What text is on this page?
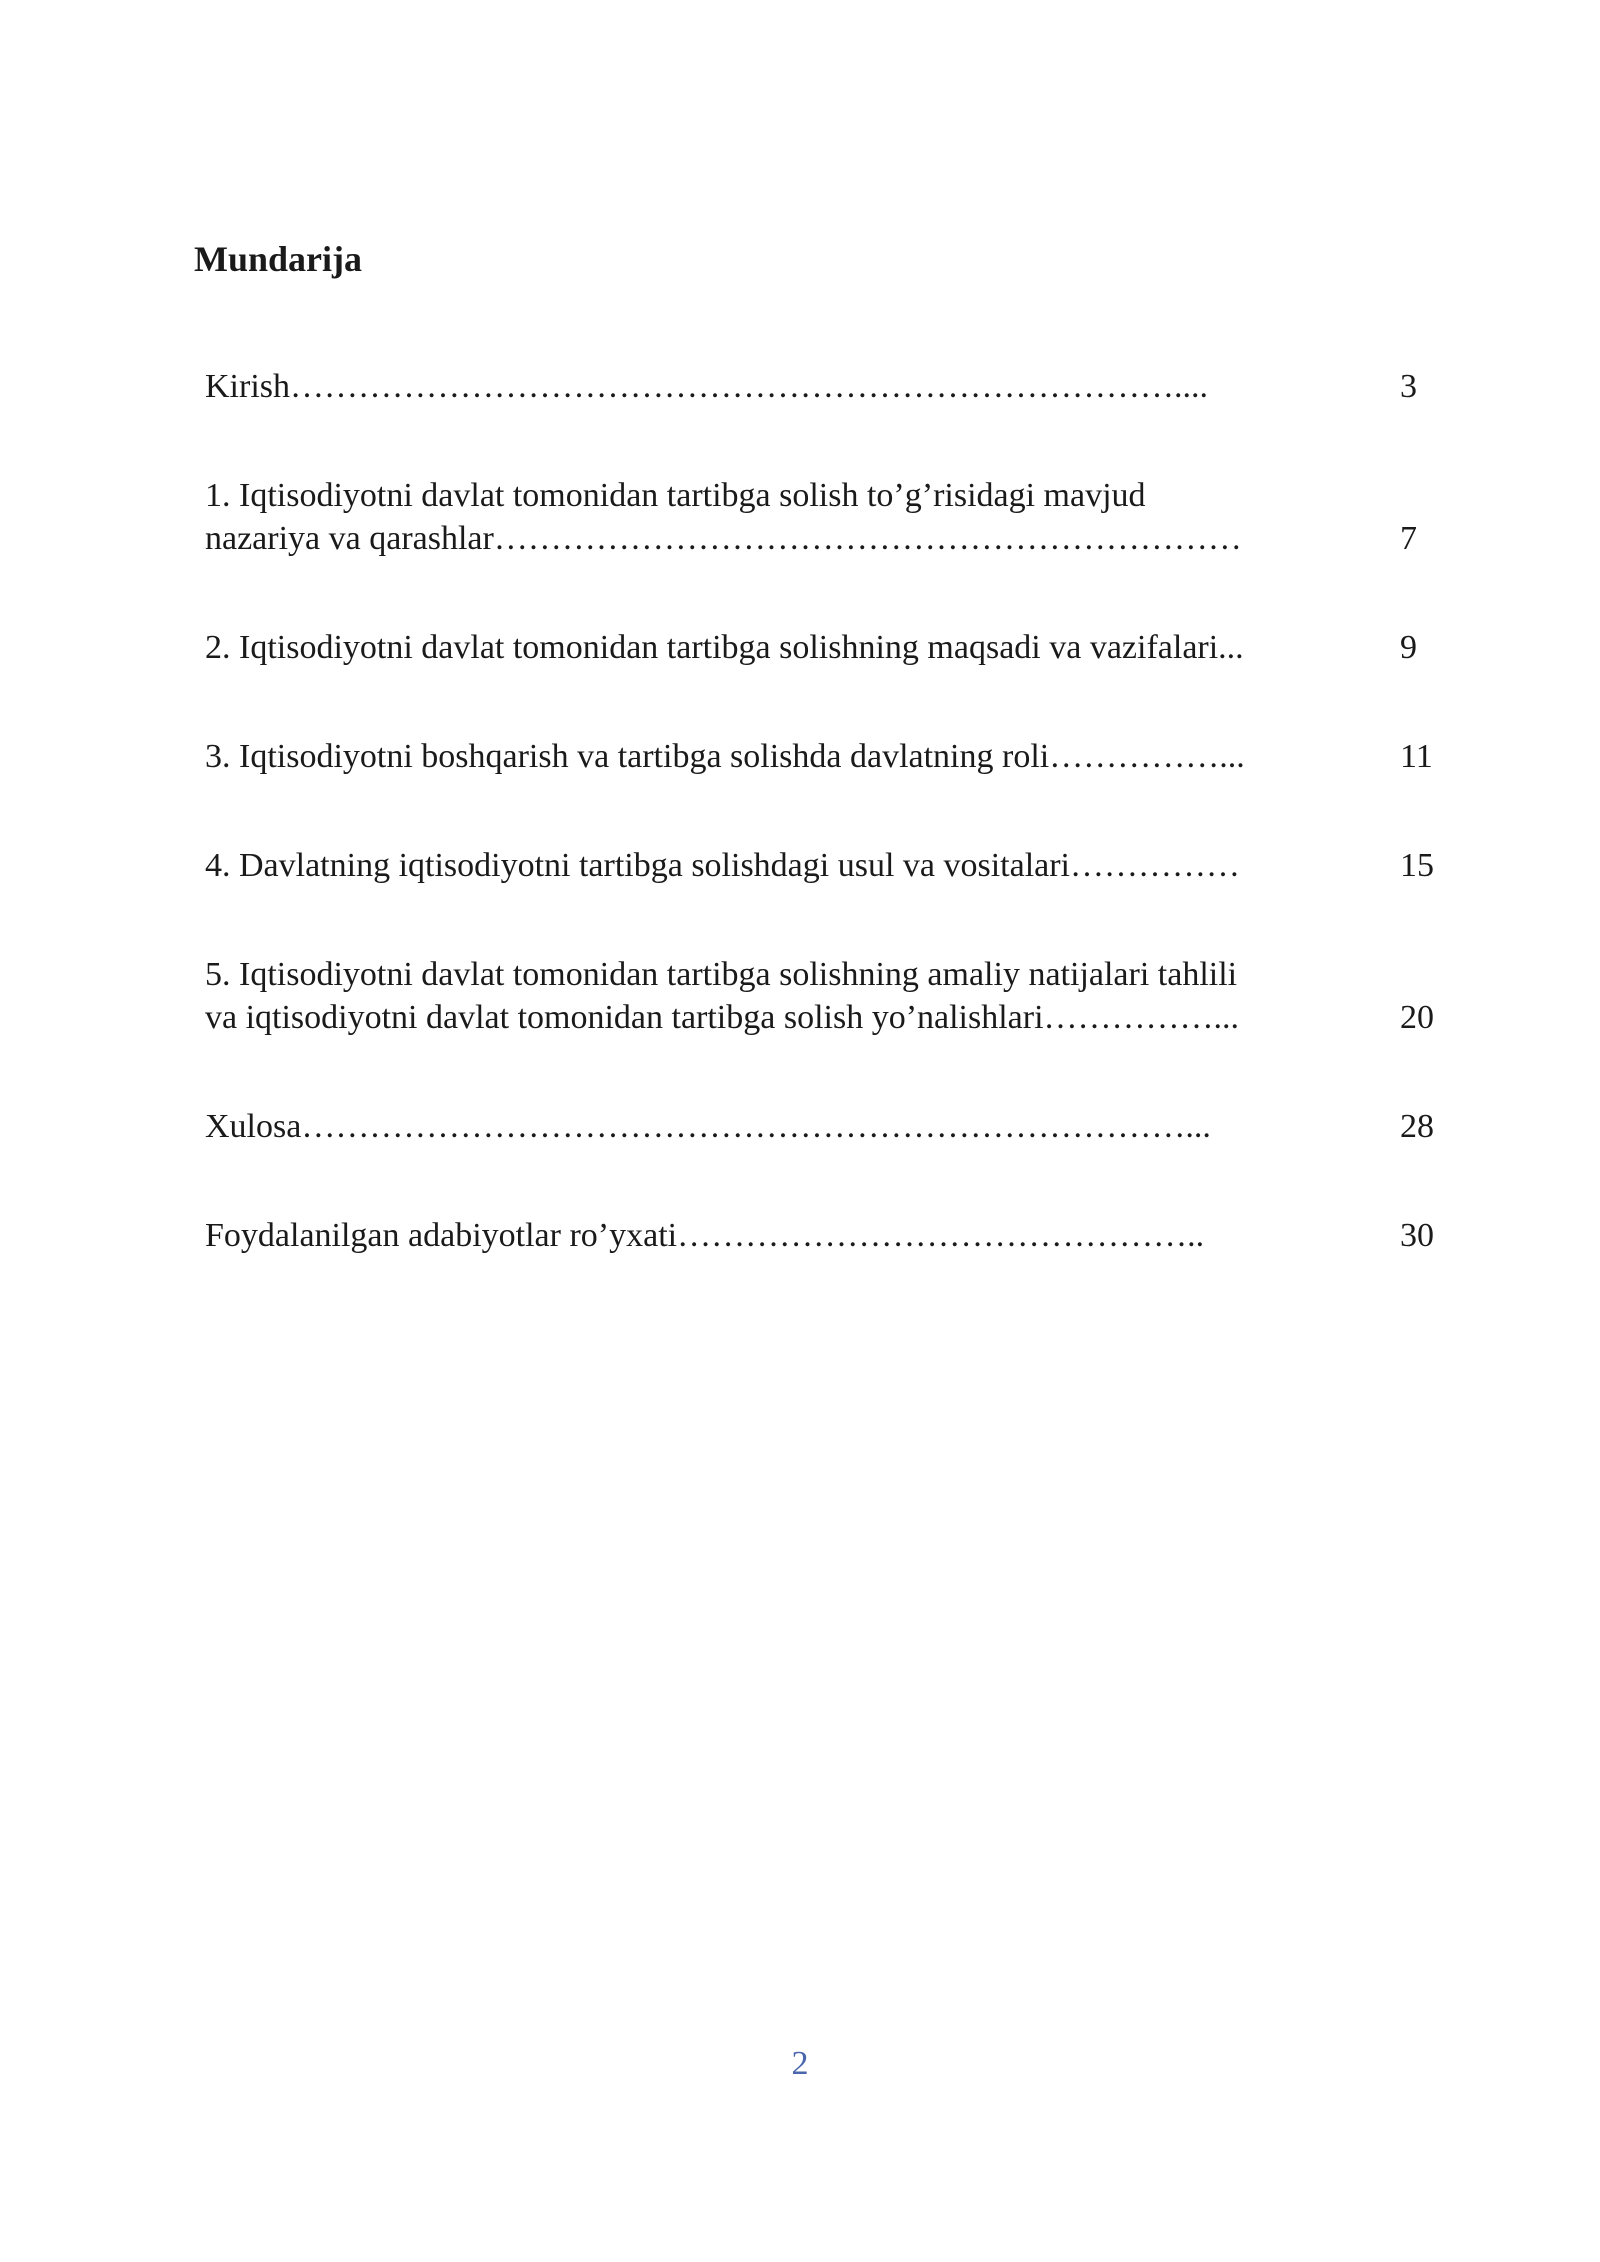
Mundarija
Kirish……………………………………………………………………....	3
1. Iqtisodiyotni davlat tomonidan tartibga solish to’g’risidagi mavjud
nazariya va qarashlar…………………………………………………………	7
2. Iqtisodiyotni davlat tomonidan tartibga solishning maqsadi va vazifalari...	9
3. Iqtisodiyotni boshqarish va tartibga solishda davlatning roli……………...	11
4. Davlatning iqtisodiyotni tartibga solishdagi usul va vositalari……………	15
5. Iqtisodiyotni davlat tomonidan tartibga solishning amaliy natijalari tahlili
va iqtisodiyotni davlat tomonidan tartibga solish yo’nalishlari……………...	20
Xulosa……………………………………………………………………...	28
Foydalanilgan adabiyotlar ro’yxati………………………………………..	30
2
